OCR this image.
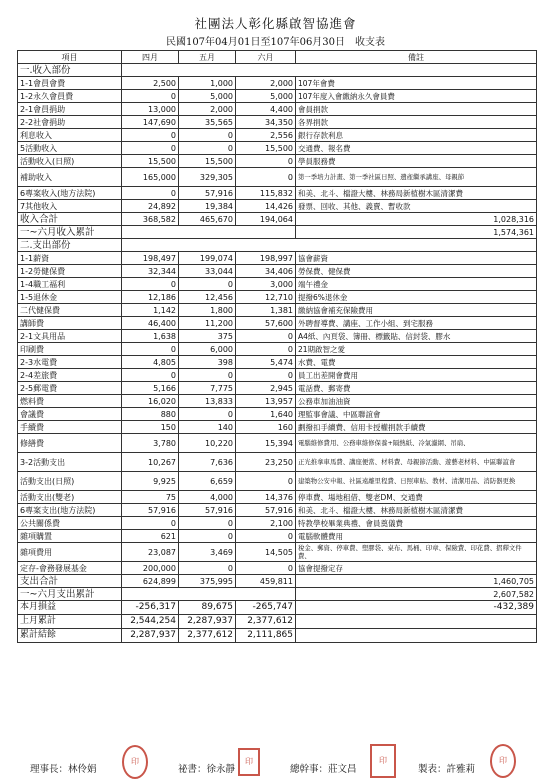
社團法人彰化縣啟智協進會
民國107年04月01日至107年06月30日　收支表
項目	四月	五月	六月	備註
一.收入部份				
1-1會員會費	2,500	1,000	2,000	107年會費
1-2永久會員費	0	5,000	5,000	107年度入會繳納永久會員費
2-1會員捐助	13,000	2,000	4,400	會員捐款
2-2社會捐助	147,690	35,565	34,350	各界捐款
利息收入	0	0	2,556	銀行存款利息
5活動收入	0	0	15,500	交通費、報名費
活動收入(日照)	15,500	15,500	0	學員服務費
補助收入	165,000	329,305	0	第一季培力計畫、第一季社區日照、遺產繼承講座、母親節
6專案收入(地方法院)	0	57,916	115,832	和美、北斗、檔證大樓、林務局新植樹木區清潔費
7其他收入	24,892	19,384	14,426	發票、回收、其他、義賣、暫收款
收入合計	368,582	465,670	194,064	1,028,316
一~六月收入累計				1,574,361
二.支出部份				
1-1薪資	198,497	199,074	198,997	協會薪資
1-2勞健保費	32,344	33,044	34,406	勞保費、健保費
1-4職工福利	0	0	3,000	端午禮金
1-5退休金	12,186	12,456	12,710	提撥6%退休金
二代健保費	1,142	1,800	1,381	繳納協會補充保險費用
講師費	46,400	11,200	57,600	外聘督導費、講座、工作小組、到宅服務
2-1文具用品	1,638	375	0	A4紙、內頁袋、簿冊、標籤貼、信封袋、膠水
印刷費	0	6,000	0	21期啟智之愛
2-3水電費	4,805	398	5,474	水費、電費
2-4差旅費	0	0	0	員工出差開會費用
2-5郵電費	5,166	7,775	2,945	電話費、郵寄費
燃料費	16,020	13,833	13,957	公務車加油油資
會議費	880	0	1,640	理監事會議、中區聯誼會
手續費	150	140	160	劃撥扣手續費、信用卡授權捐款手續費
修繕費	3,780	10,220	15,394	電腦維修費用、公務車維修保養+隔熱紙、冷氣濾網、吊扇、
3-2活動支出	10,267	7,636	23,250	正光推拿車馬費、講座便當、材料費、母親節活動、遊藝老材料、中區聯誼會
活動支出(日照)	9,925	6,659	0	建築物公安申報、社區遠離里程費、日照車貼、教材、清潔用品、消防器更換
活動支出(雙老)	75	4,000	14,376	停車費、場地租借、雙老DM、交通費
6專案支出(地方法院)	57,916	57,916	57,916	和美、北斗、檔證大樓、林務局新植樹木區清潔費
公共關係費	0	0	2,100	特教學校畢業典禮、會員奠儀費
雜項購置	621	0	0	電腦軟體費用
雜項費用	23,087	3,469	14,505	稅金、郵資、停車費、塑膠袋、桌布、馬桶、印章、保險費、印花費、摺釋文件費、
定存-會務發展基金	200,000	0	0	協會提撥定存
支出合計	624,899	375,995	459,811	1,460,705
一~六月支出累計				2,607,582
本月損益	-256,317	89,675	-265,747	-432,389
上月累計	2,544,254	2,287,937	2,377,612	
累計結餘	2,287,937	2,377,612	2,111,865	
理事長：林伶娟	祕書：徐永靜	總幹事：莊文昌	製表：許雅莉
印	印	印	印
